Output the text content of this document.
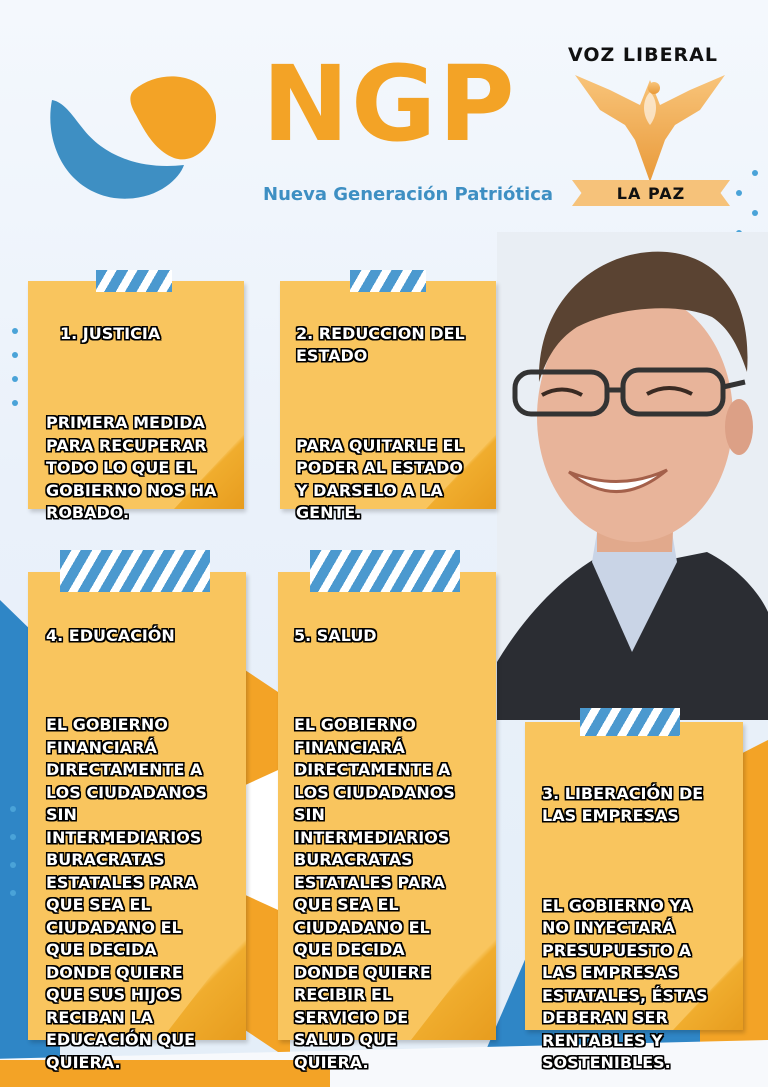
NGP
Nueva Generación Patriótica
VOZ LIBERAL
LA PAZ

1. JUSTICIA

PRIMERA MEDIDA
PARA RECUPERAR
TODO LO QUE EL
GOBIERNO NOS HA
ROBADO.

2. REDUCCION DEL
ESTADO

PARA QUITARLE EL
PODER AL ESTADO
Y DARSELO A LA
GENTE.

4. EDUCACIÓN

EL GOBIERNO
FINANCIARÁ
DIRECTAMENTE A
LOS CIUDADANOS
SIN
INTERMEDIARIOS
BURACRATAS
ESTATALES PARA
QUE SEA EL
CIUDADANO EL
QUE DECIDA
DONDE QUIERE
QUE SUS HIJOS
RECIBAN LA
EDUCACIÓN QUE
QUIERA.

5. SALUD

EL GOBIERNO
FINANCIARÁ
DIRECTAMENTE A
LOS CIUDADANOS
SIN
INTERMEDIARIOS
BURACRATAS
ESTATALES PARA
QUE SEA EL
CIUDADANO EL
QUE DECIDA
DONDE QUIERE
RECIBIR EL
SERVICIO DE
SALUD QUE
QUIERA.

3. LIBERACIÓN DE
LAS EMPRESAS

EL GOBIERNO YA
NO INYECTARÁ
PRESUPUESTO A
LAS EMPRESAS
ESTATALES, ÉSTAS
DEBERAN SER
RENTABLES Y
SOSTENIBLES.
